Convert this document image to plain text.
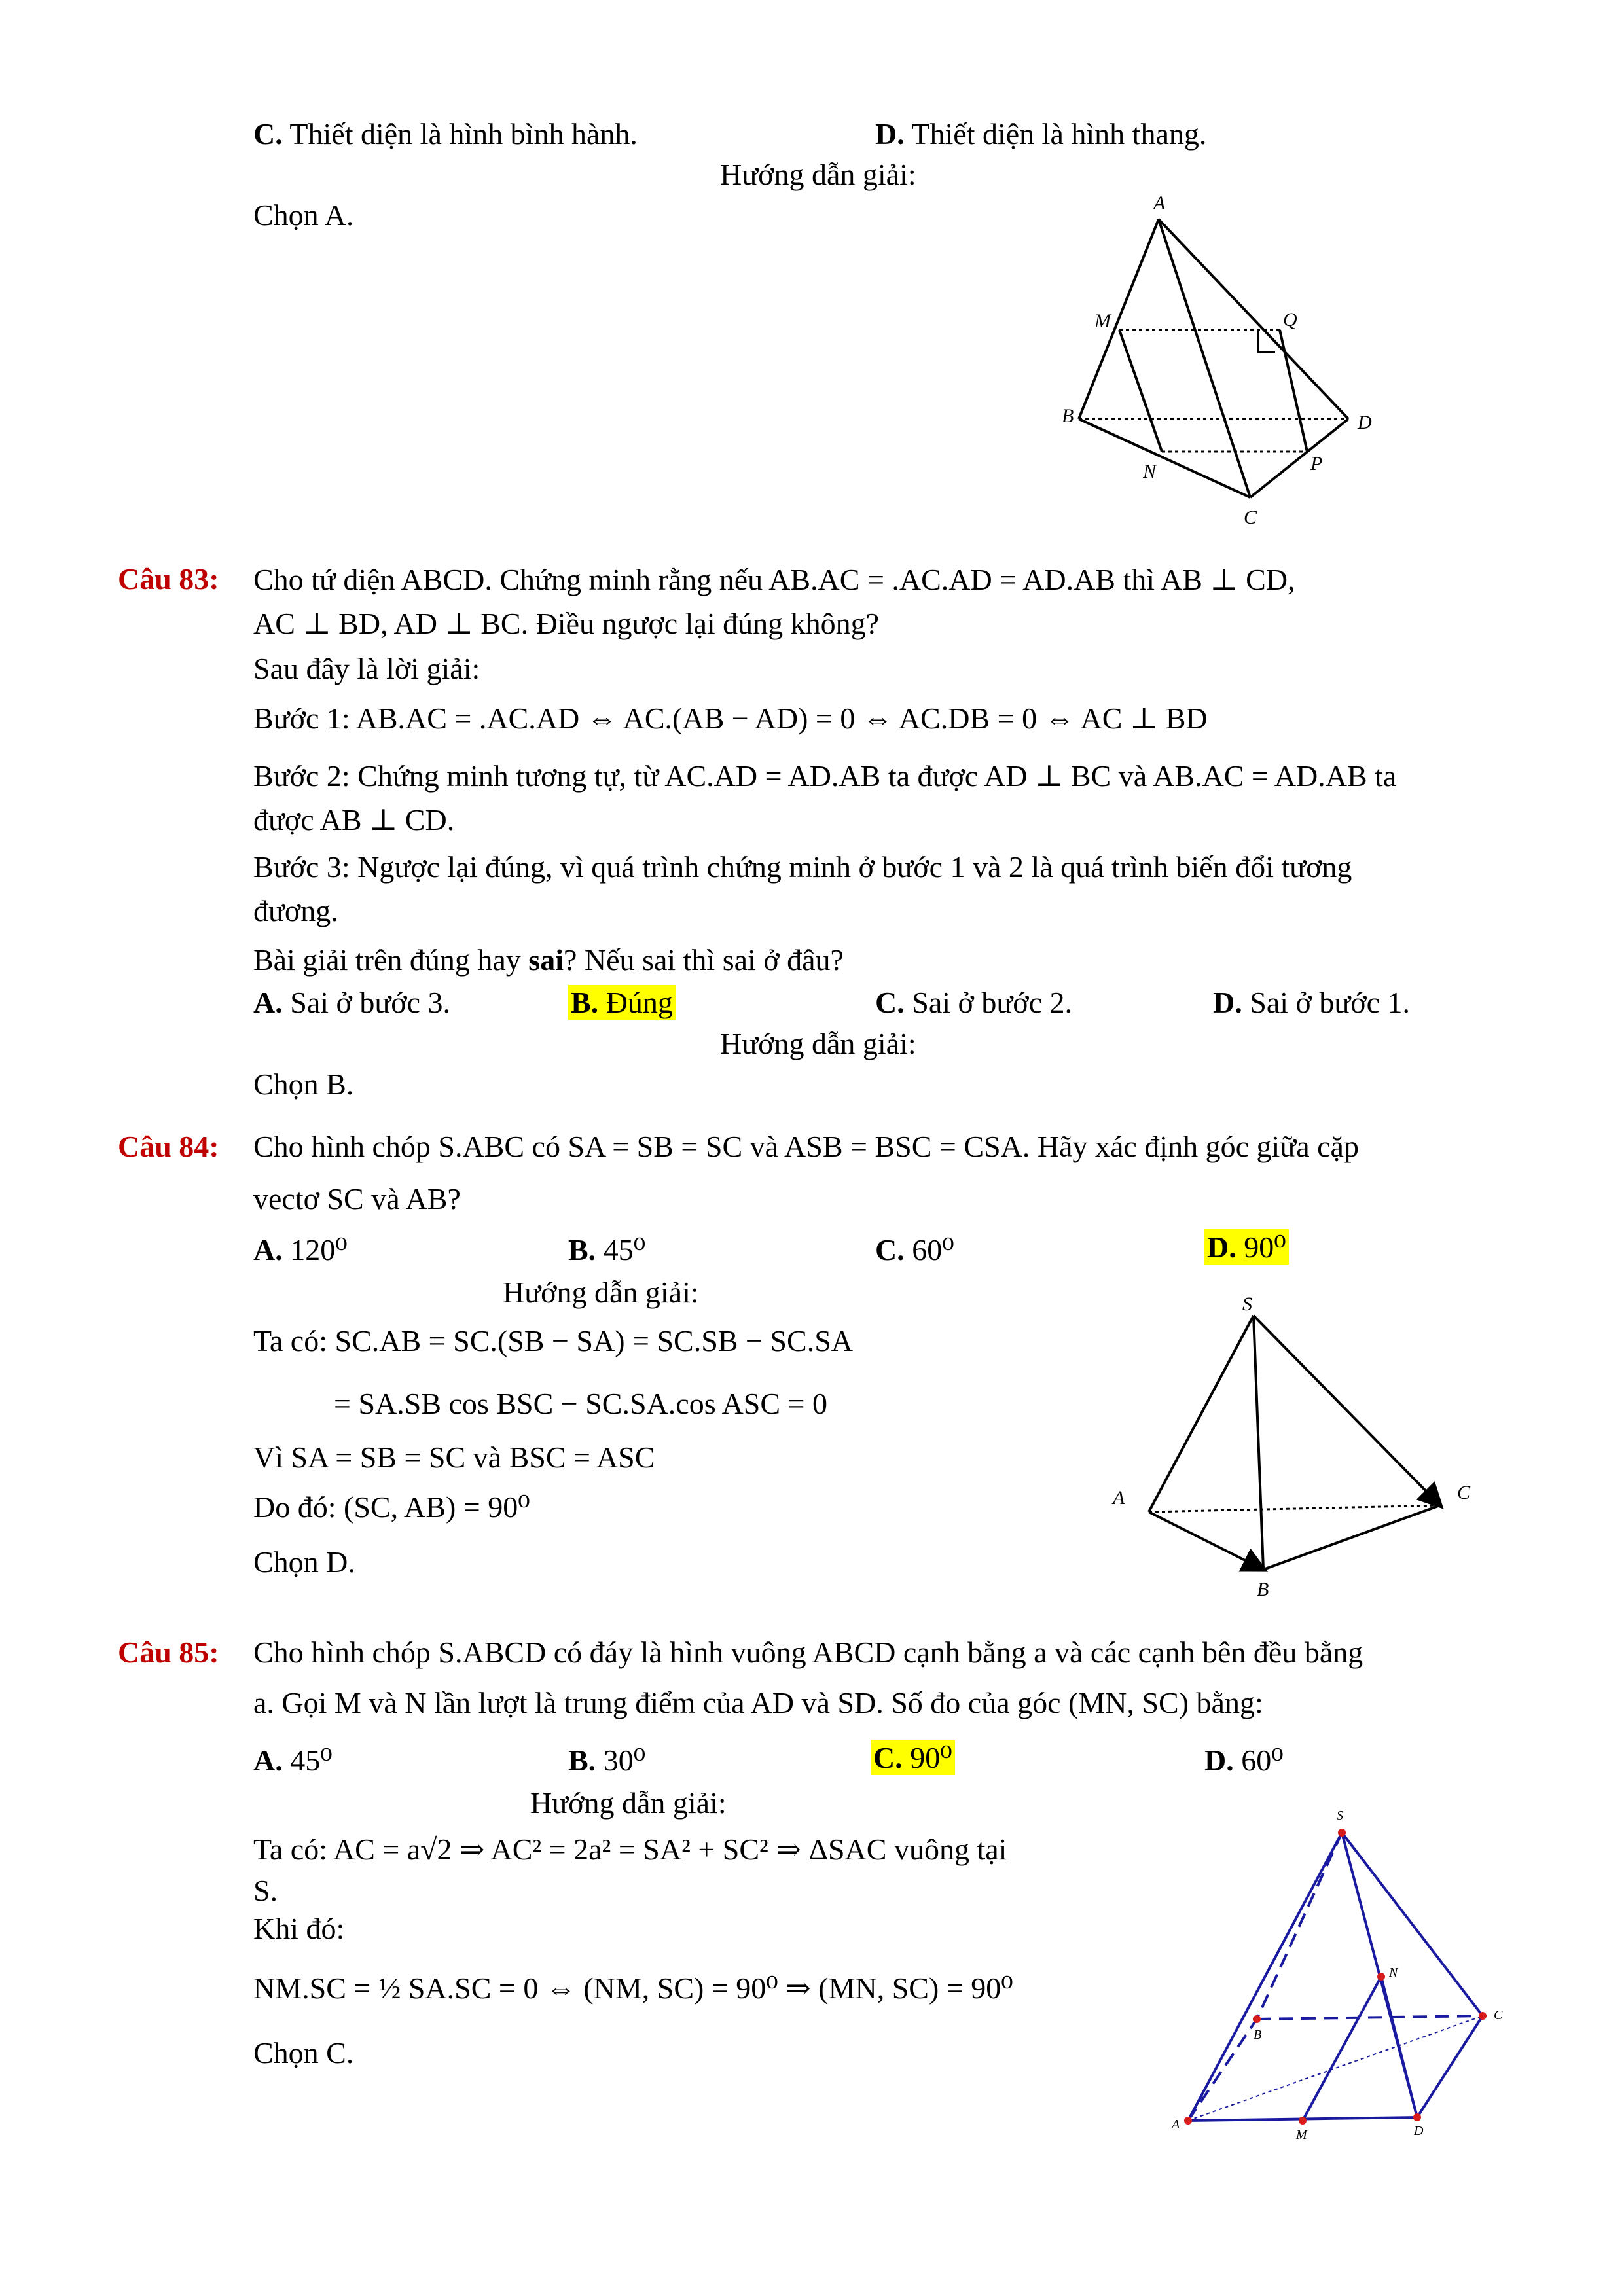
C. Thiết diện là hình bình hành.	D. Thiết diện là hình thang.
Hướng dẫn giải:
Chọn A.	A
M	Q
B	D
N	P
C
Câu 83: Cho tứ diện ABCD. Chứng minh rằng nếu AB.AC = .AC.AD = AD.AB thì AB ⊥ CD,
AC ⊥ BD, AD ⊥ BC. Điều ngược lại đúng không?
Sau đây là lời giải:
Bước 1: AB.AC = .AC.AD ⇔ AC.(AB − AD) = 0 ⇔ AC.DB = 0 ⇔ AC ⊥ BD
Bước 2: Chứng minh tương tự, từ AC.AD = AD.AB ta được AD ⊥ BC và AB.AC = AD.AB ta
được AB ⊥ CD.
Bước 3: Ngược lại đúng, vì quá trình chứng minh ở bước 1 và 2 là quá trình biến đổi tương
đương.
Bài giải trên đúng hay sai? Nếu sai thì sai ở đâu?
A. Sai ở bước 3.	B. Đúng	C. Sai ở bước 2.	D. Sai ở bước 1.
Hướng dẫn giải:
Chọn B.
Câu 84: Cho hình chóp S.ABC có SA = SB = SC và ASB = BSC = CSA. Hãy xác định góc giữa cặp
vectơ SC và AB?
A. 120⁰	B. 45⁰	C. 60⁰	D. 90⁰
Hướng dẫn giải:
Ta có: SC.AB = SC.(SB − SA) = SC.SB − SC.SA
= SA.SB cos BSC − SC.SA.cos ASC = 0
Vì SA = SB = SC và BSC = ASC
Do đó: (SC, AB) = 90⁰
Chọn D.
S
A	C
B
Câu 85: Cho hình chóp S.ABCD có đáy là hình vuông ABCD cạnh bằng a và các cạnh bên đều bằng
a. Gọi M và N lần lượt là trung điểm của AD và SD. Số đo của góc (MN, SC) bằng:
A. 45⁰	B. 30⁰	C. 90⁰	D. 60⁰
Hướng dẫn giải:
Ta có: AC = a√2 ⇒ AC² = 2a² = SA² + SC² ⇒ ΔSAC vuông tại
S.
Khi đó:
NM.SC = ½ SA.SC = 0 ⇔ (NM, SC) = 90⁰ ⇒ (MN, SC) = 90⁰
Chọn C.
S
N
B
C
A
M	D
